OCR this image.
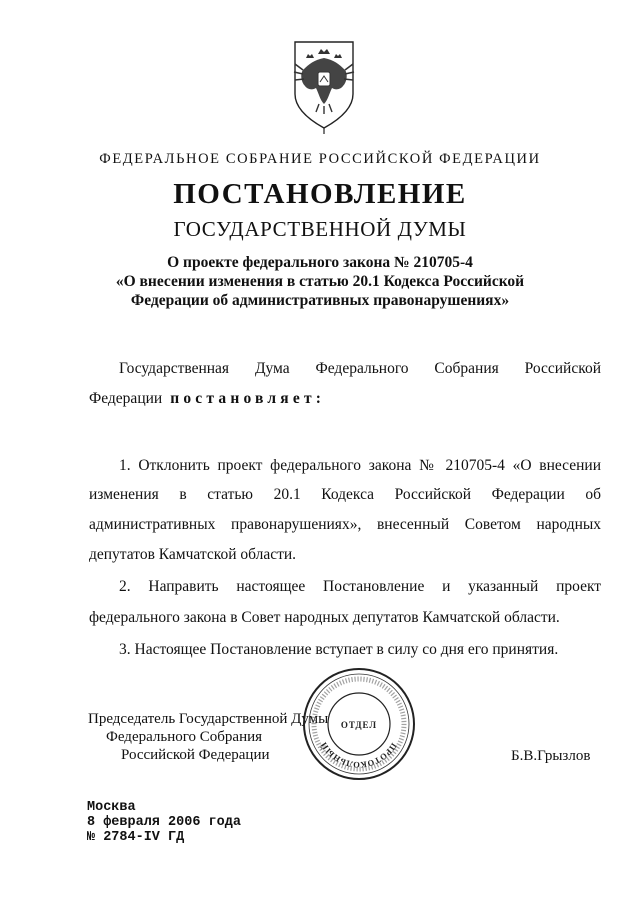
ФЕДЕРАЛЬНОЕ СОБРАНИЕ РОССИЙСКОЙ ФЕДЕРАЦИИ
ПОСТАНОВЛЕНИЕ
ГОСУДАРСТВЕННОЙ ДУМЫ
О проекте федерального закона № 210705-4
«О внесении изменения в статью 20.1 Кодекса Российской
Федерации об административных правонарушениях»
Государственная Дума Федерального Собрания Российской
Федерации постановляет:
1. Отклонить проект федерального закона № 210705-4 «О внесении
изменения в статью 20.1 Кодекса Российской Федерации об
административных правонарушениях», внесенный Советом народных
депутатов Камчатской области.
2. Направить настоящее Постановление и указанный проект
федерального закона в Совет народных депутатов Камчатской области.
3. Настоящее Постановление вступает в силу со дня его принятия.
Председатель Государственной Думы
Федерального Собрания
Российской Федерации	ПРОТОКОЛЬНЫЙ
ОТДЕЛ
Б.В.Грызлов
Москва
8 февраля 2006 года
№ 2784-IV ГД
